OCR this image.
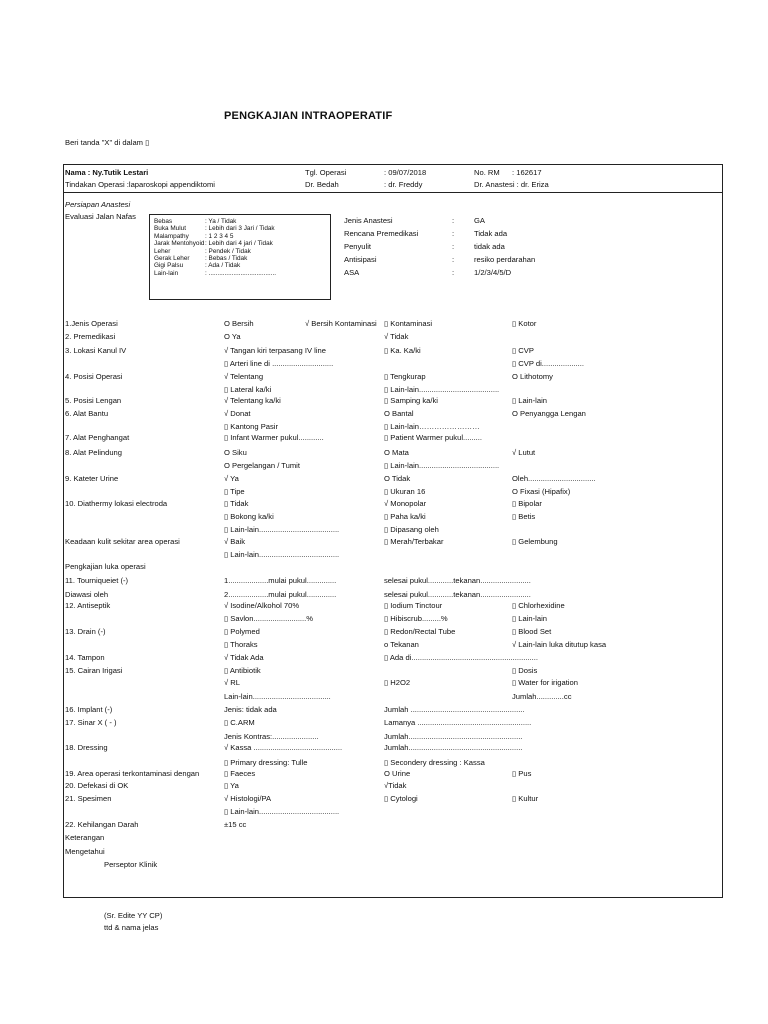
PENGKAJIAN INTRAOPERATIF
Beri tanda "X" di dalam ▯
Nama : Ny.Tutik Lestari	Tgl. Operasi	: 09/07/2018	No. RM : 162617
Tindakan Operasi :laparoskopi appendiktomi	Dr. Bedah	: dr. Freddy	Dr. Anastesi : dr. Eriza
Persiapan Anastesi
Evaluasi Jalan Nafas
Bebas	: Ya / Tidak
Buka Mulut	: Lebih dari 3 Jari / Tidak
Malampathy	: 1 2 3 4 5
Jarak Mentohyoid : Lebih dari 4 jari / Tidak
Leher	: Pendek / Tidak
Gerak Leher : Bebas / Tidak
Gigi Palsu	: Ada / Tidak
Lain-lain	: ......................................
Jenis Anastesi	:	GA
Rencana Premedikasi	:	Tidak ada
Penyulit	:	tidak ada
Antisipasi	:	resiko perdarahan
ASA	:	1/2/3/4/5/D
1.Jenis Operasi	O Bersih	√ Bersih Kontaminasi ▯ Kontaminasi	▯ Kotor
2. Premedikasi	O Ya	√ Tidak
3. Lokasi Kanul IV	√ Tangan kiri terpasang IV line	▯ Ka. Ka/ki	▯ CVP
▯ Arteri line di .............................	▯ CVP di....................
4. Posisi Operasi	√ Telentang	▯ Tengkurap	O Lithotomy
▯ Lateral ka/ki	▯ Lain-lain......................................
5. Posisi Lengan	√ Telentang ka/ki	▯ Samping ka/ki	▯ Lain-lain
6. Alat Bantu	√ Donat	O Bantal	O Penyangga Lengan
▯ Kantong Pasir	▯ Lain-lain……………………
7. Alat Penghangat	▯ Infant Warmer pukul............	▯ Patient Warmer pukul.........
8. Alat Pelindung	O Siku	O Mata	√ Lutut
O Pergelangan / Tumit	▯ Lain-lain......................................
9. Kateter Urine	√ Ya	O Tidak	Oleh................................
▯ Tipe	▯ Ukuran 16	O Fixasi (Hipafix)
10. Diathermy lokasi electroda	▯ Tidak	√ Monopolar	▯ Bipolar
▯ Bokong ka/ki	▯ Paha ka/ki	▯ Betis
▯ Lain-lain......................................	▯ Dipasang oleh
Keadaan kulit sekitar area operasi	√ Baik	▯ Merah/Terbakar	▯ Gelembung
▯ Lain-lain......................................
Pengkajian luka operasi
11. Tourniqueiet (-)	1...................mulai pukul..............	selesai pukul............tekanan........................
Diawasi oleh	2...................mulai pukul..............	selesai pukul............tekanan........................
12. Antiseptik	√ Isodine/Alkohol 70%	▯ Iodium Tinctour	▯ Chlorhexidine
▯ Savlon.........................%	▯ Hibiscrub.........%	▯ Lain-lain
13. Drain (-)	▯ Polymed	▯ Redon/Rectal Tube	▯ Blood Set
▯ Thoraks	o Tekanan	√ Lain-lain luka ditutup kasa
14. Tampon	√ Tidak Ada	▯ Ada di............................................................
15. Cairan Irigasi	▯ Antibiotik	▯ Dosis
√ RL	▯ H2O2	▯ Water for irigation
Lain-lain.....................................	Jumlah.............cc
16. Implant (-)	Jenis: tidak ada	Jumlah ......................................................
17. Sinar X ( - )	▯ C.ARM	Lamanya ......................................................
Jenis Kontras:......................	Jumlah......................................................
18. Dressing	√ Kassa ..........................................	Jumlah......................................................
▯ Primary dressing: Tulle	▯ Secondery dressing : Kassa
19. Area operasi terkontaminasi dengan	▯ Faeces	O Urine	▯ Pus
20. Defekasi di OK	▯ Ya	√Tidak
21. Spesimen	√ Histologi/PA	▯ Cytologi	▯ Kultur
▯ Lain-lain......................................
22. Kehilangan Darah	±15 cc
Keterangan
Mengetahui
Perseptor Klinik
(Sr. Edite YY CP)
ttd & nama jelas
